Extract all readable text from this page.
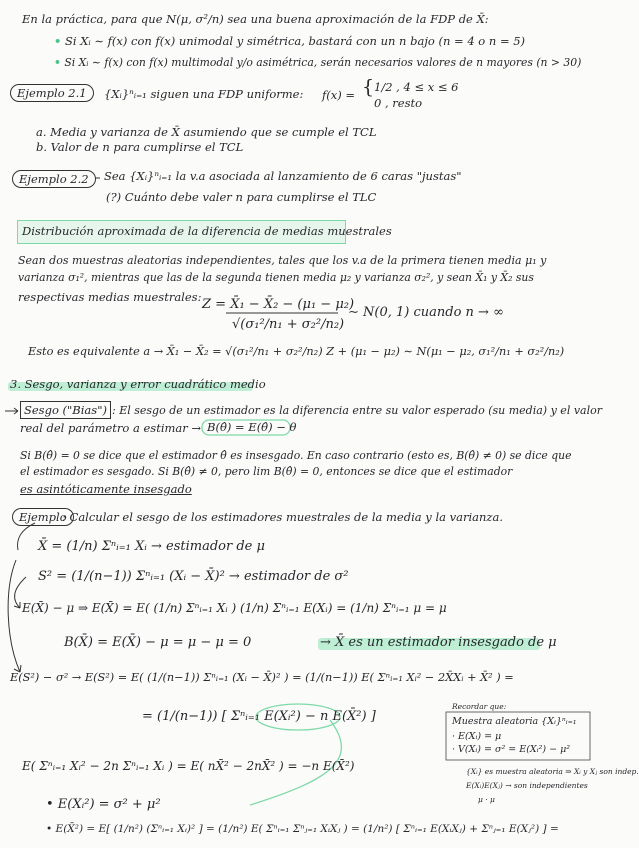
En la práctica, para que N(μ, σ²/n) sea una buena aproximación de la FDP de X̄:
• Si Xᵢ ∼ f(x) con f(x) unimodal y simétrica, bastará con un n bajo (n = 4 o n = 5)
• Si Xᵢ ∼ f(x) con f(x) multimodal y/o asimétrica, serán necesarios valores de n mayores (n > 30)
Ejemplo 2.1	{Xᵢ}ⁿᵢ₌₁ siguen una FDP uniforme: f(x) = { 1/2 , 4 ≤ x ≤ 6
0 , resto
a. Media y varianza de X̄ asumiendo que se cumple el TCL
b. Valor de n para cumplirse el TCL
Ejemplo 2.2	Sea {Xᵢ}ⁿᵢ₌₁ la v.a asociada al lanzamiento de 6 caras "justas"
(?) Cuánto debe valer n para cumplirse el TLC
Distribución aproximada de la diferencia de medias muestrales
Sean dos muestras aleatorias independientes, tales que los v.a de la primera tienen media μ₁ y
varianza σ₁², mientras que las de la segunda tienen media μ₂ y varianza σ₂², y sean X̄₁ y X̄₂ sus
respectivas medias muestrales: Z = X̄₁ − X̄₂ − (μ₁ − μ₂)
√(σ₁²/n₁ + σ₂²/n₂)
∼ N(0, 1) cuando n → ∞
Esto es equivalente a → X̄₁ − X̄₂ = √(σ₁²/n₁ + σ₂²/n₂) Z + (μ₁ − μ₂) ∼ N(μ₁ − μ₂, σ₁²/n₁ + σ₂²/n₂)
3. Sesgo, varianza y error cuadrático medio
Sesgo ("Bias") : El sesgo de un estimador es la diferencia entre su valor esperado (su media) y el valor
real del parámetro a estimar → B(θ̂) = E(θ̂) − θ
Si B(θ̂) = 0 se dice que el estimador θ̂ es insesgado. En caso contrario (esto es, B(θ̂) ≠ 0) se dice que
el estimador es sesgado. Si B(θ̂) ≠ 0, pero lim B(θ̂) = 0, entonces se dice que el estimador
es asintóticamente insesgado
Ejemplo
: Calcular el sesgo de los estimadores muestrales de la media y la varianza.
X̄ = (1/n) Σⁿᵢ₌₁ Xᵢ → estimador de μ
S² = (1/(n−1)) Σⁿᵢ₌₁ (Xᵢ − X̄)² → estimador de σ²
E(X̄) − μ ⇒ E(X̄) = E( (1/n) Σⁿᵢ₌₁ Xᵢ ) (1/n) Σⁿᵢ₌₁ E(Xᵢ) = (1/n) Σⁿᵢ₌₁ μ = μ
B(X̄) = E(X̄) − μ = μ − μ = 0	→ X̄ es un estimador insesgado de μ
E(S²) − σ² → E(S²) = E( (1/(n−1)) Σⁿᵢ₌₁ (Xᵢ − X̄)² ) = (1/(n−1)) E( Σⁿᵢ₌₁ Xᵢ² − 2X̄Xᵢ + X̄² ) =
= (1/(n−1)) [ Σⁿᵢ₌₁ E(Xᵢ²) − n E(X̄²) ]
E( Σⁿᵢ₌₁ Xᵢ² − 2n Σⁿᵢ₌₁ Xᵢ ) = E( nX̄² − 2nX̄² ) = −n E(X̄²)
• E(Xᵢ²) = σ² + μ²
• E(X̄²) = E[ (1/n²) (Σⁿᵢ₌₁ Xᵢ)² ] = (1/n²) E( Σⁿᵢ₌₁ Σⁿⱼ₌₁ XᵢXⱼ ) = (1/n²) [ Σⁿᵢ₌₁ E(XᵢXⱼ) + Σⁿⱼ₌₁ E(Xⱼ²) ] =
Recordar que:
Muestra aleatoria {Xᵢ}ⁿᵢ₌₁
· E(Xᵢ) = μ
· V(Xᵢ) = σ² = E(Xᵢ²) − μ²
{Xᵢ} es muestra aleatoria ⇒ Xᵢ y Xⱼ son indep.
E(Xᵢ)E(Xⱼ) → son independientes
μ · μ
